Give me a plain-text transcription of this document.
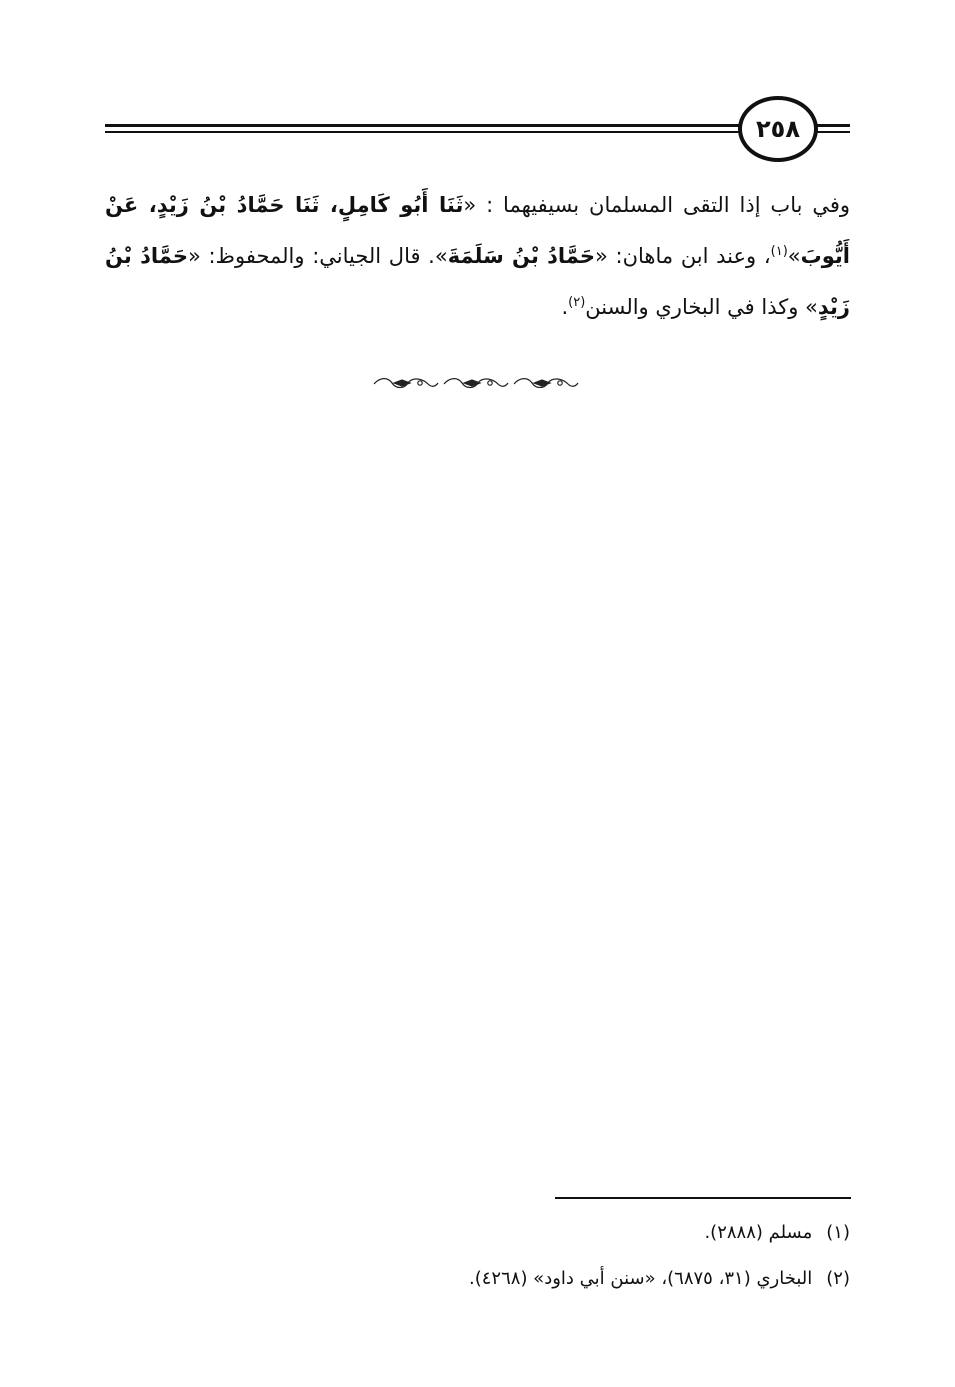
٢٥٨

وفي باب إذا التقى المسلمان بسيفيهما : «ثَنَا أَبُو كَامِلٍ، ثَنَا حَمَّادُ بْنُ زَيْدٍ، عَنْ أَيُّوبَ»$^{(١)}$، وعند ابن ماهان: «حَمَّادُ بْنُ سَلَمَةَ». قال الجياني: والمحفوظ: «حَمَّادُ بْنُ زَيْدٍ» وكذا في البخاري والسنن$^{(٢)}$.

(١)مسلم (٢٨٨٨).
(٢)البخاري (٣١، ٦٨٧٥)، «سنن أبي داود» (٤٢٦٨).
